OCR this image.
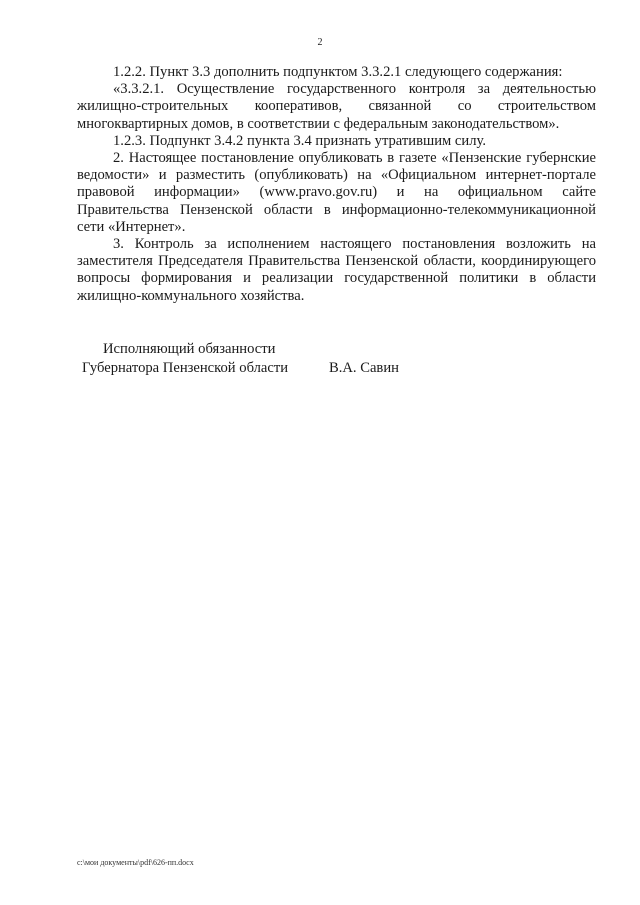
2

1.2.2. Пункт 3.3 дополнить подпунктом 3.3.2.1 следующего содержания:

«3.3.2.1. Осуществление государственного контроля за деятельностью жилищно-строительных кооперативов, связанной со строительством многоквартирных домов, в соответствии с федеральным законодательством».

1.2.3. Подпункт 3.4.2 пункта 3.4 признать утратившим силу.

2. Настоящее постановление опубликовать в газете «Пензенские губернские ведомости» и разместить (опубликовать) на «Официальном интернет-портале правовой информации» (www.pravo.gov.ru) и на официальном сайте Правительства Пензенской области в информационно-телекоммуникационной сети «Интернет».

3. Контроль за исполнением настоящего постановления возложить на заместителя Председателя Правительства Пензенской области, координирующего вопросы формирования и реализации государственной политики в области жилищно-коммунального хозяйства.

Исполняющий обязанности
Губернатора Пензенской области	В.А. Савин
c:\мои документы\pdf\626-пп.docx
